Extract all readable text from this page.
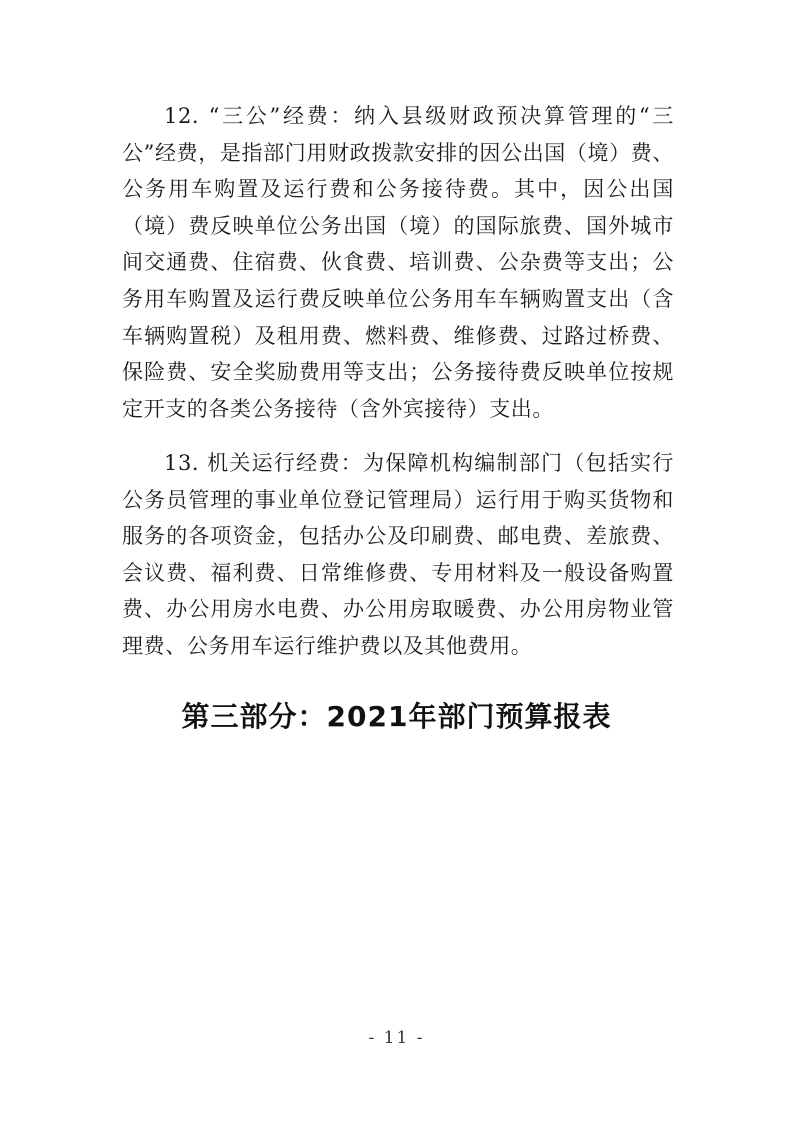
12. “三公”经费：纳入县级财政预决算管理的“三公”经费，是指部门用财政拨款安排的因公出国（境）费、公务用车购置及运行费和公务接待费。其中，因公出国（境）费反映单位公务出国（境）的国际旅费、国外城市间交通费、住宿费、伙食费、培训费、公杂费等支出；公务用车购置及运行费反映单位公务用车车辆购置支出（含车辆购置税）及租用费、燃料费、维修费、过路过桥费、保险费、安全奖励费用等支出；公务接待费反映单位按规定开支的各类公务接待（含外宾接待）支出。

13. 机关运行经费：为保障机构编制部门（包括实行公务员管理的事业单位登记管理局）运行用于购买货物和服务的各项资金，包括办公及印刷费、邮电费、差旅费、会议费、福利费、日常维修费、专用材料及一般设备购置费、办公用房水电费、办公用房取暖费、办公用房物业管理费、公务用车运行维护费以及其他费用。

第三部分：2021年部门预算报表
- 11 -
